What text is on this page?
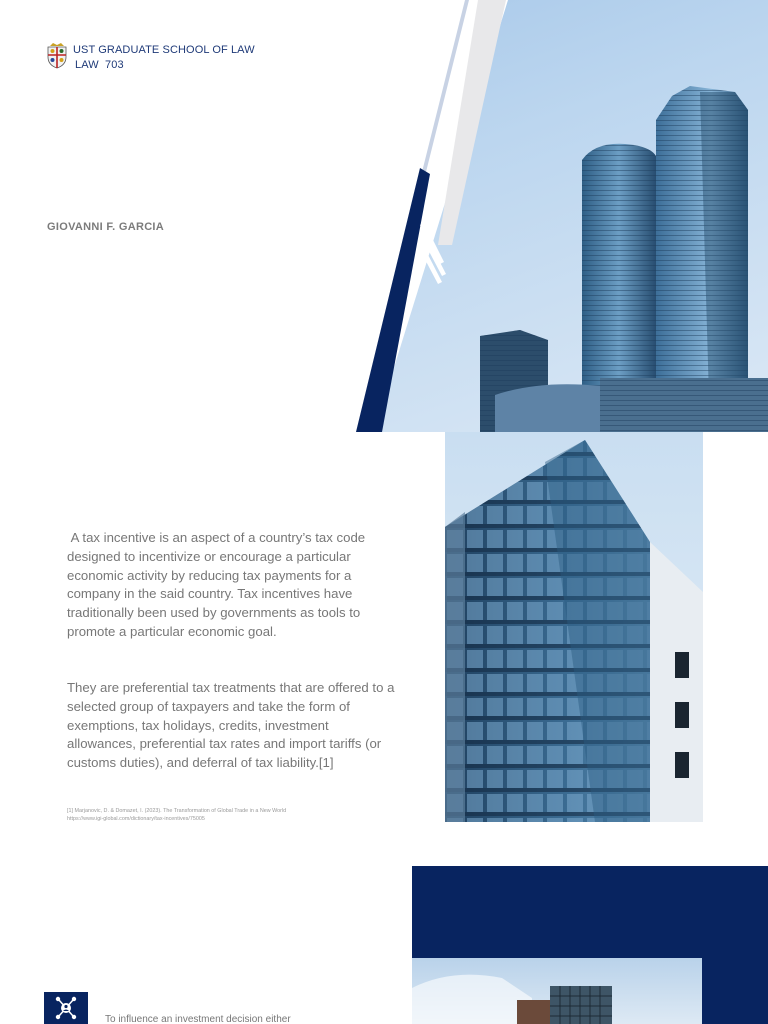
UST GRADUATE SCHOOL OF LAW
LAW  703
GIOVANNI F. GARCIA
A tax incentive is an aspect of a country’s tax code designed to incentivize or encourage a particular economic activity by reducing tax payments for a company in the said country. Tax incentives have traditionally been used by governments as tools to promote a particular economic goal.
They are preferential tax treatments that are offered to a selected group of taxpayers and take the form of exemptions, tax holidays, credits, investment allowances, preferential tax rates and import tariffs (or customs duties), and deferral of tax liability.[1]
[1] Marjanovic, D. & Domazet, I. (2023). The Transformation of Global Trade in a New World
https://www.igi-global.com/dictionary/tax-incentives/75005
To influence an investment decision either
